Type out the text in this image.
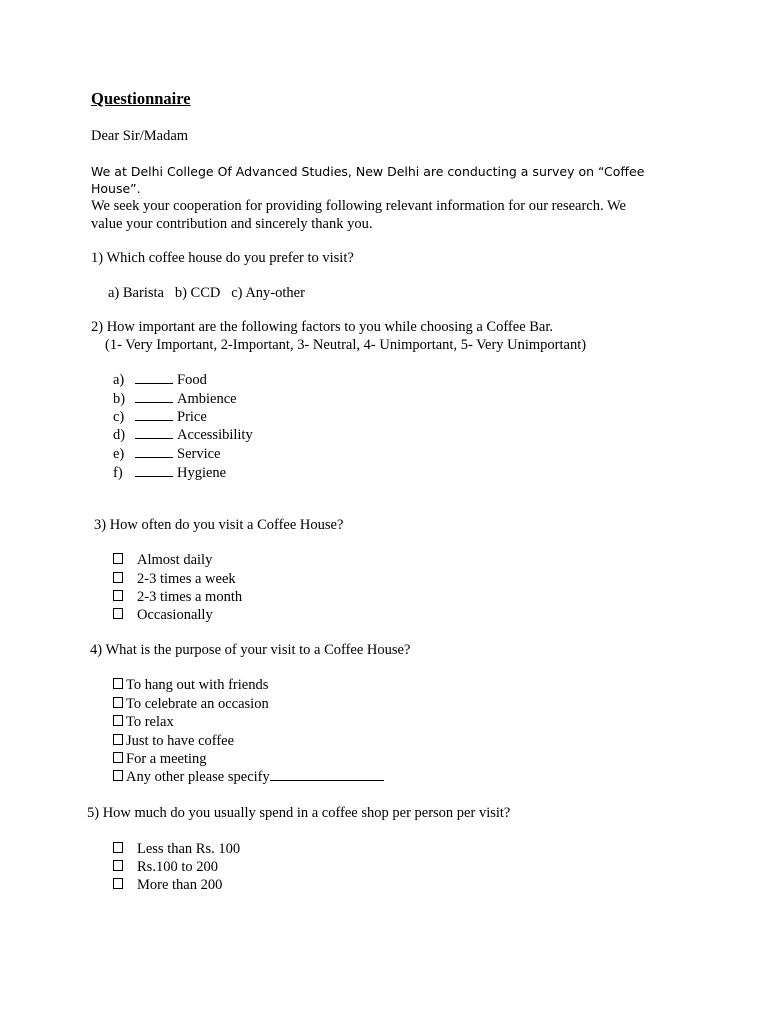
Questionnaire
Dear Sir/Madam
We at Delhi College Of Advanced Studies, New Delhi are conducting a survey on “Coffee
House”.
We seek your cooperation for providing following relevant information for our research. We
value your contribution and sincerely thank you.
1) Which coffee house do you prefer to visit?
a) Barista   b) CCD   c) Any-other
2) How important are the following factors to you while choosing a Coffee Bar.
(1- Very Important, 2-Important, 3- Neutral, 4- Unimportant, 5- Very Unimportant)
a)	Food
b)	Ambience
c)	Price
d)	Accessibility
e)	Service
f)	Hygiene
3) How often do you visit a Coffee House?
Almost daily
2-3 times a week
2-3 times a month
Occasionally
4) What is the purpose of your visit to a Coffee House?
To hang out with friends
To celebrate an occasion
To relax
Just to have coffee
For a meeting
Any other please specify
5) How much do you usually spend in a coffee shop per person per visit?
Less than Rs. 100
Rs.100 to 200
More than 200
